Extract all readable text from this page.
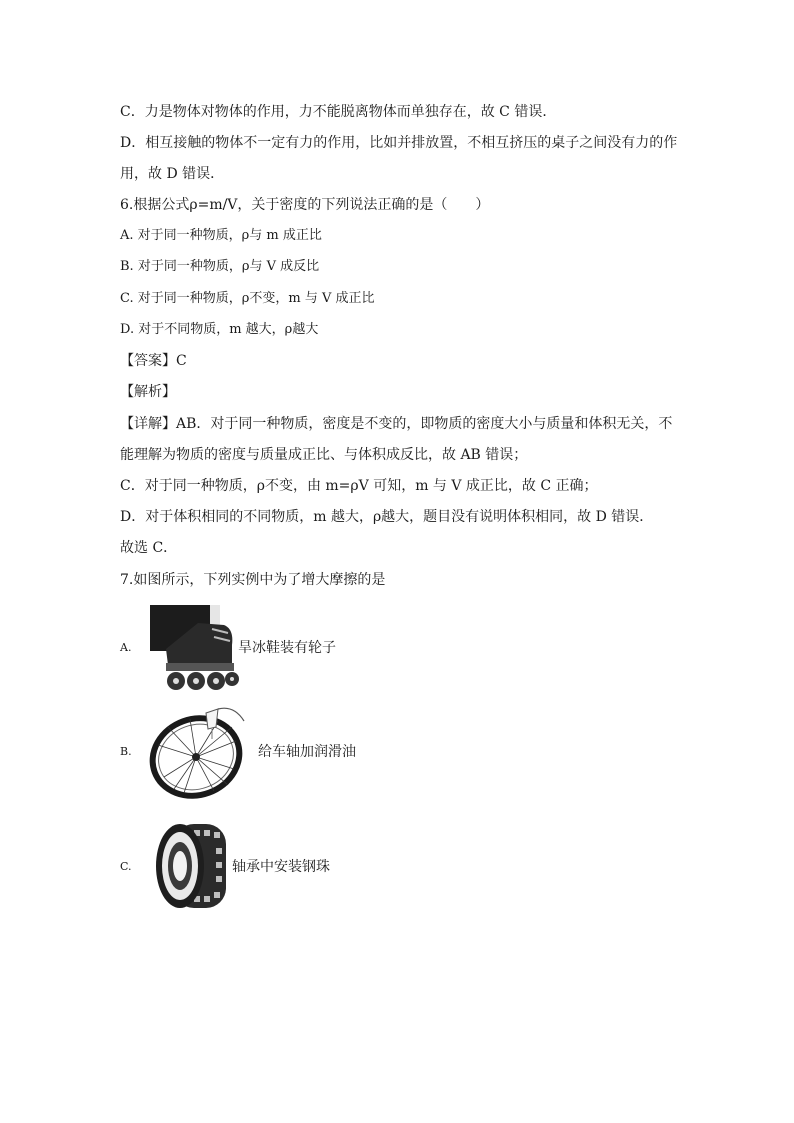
C．力是物体对物体的作用，力不能脱离物体而单独存在，故 C 错误．
D．相互接触的物体不一定有力的作用，比如并排放置，不相互挤压的桌子之间没有力的作
用，故 D 错误．
6.根据公式ρ=m/V，关于密度的下列说法正确的是（　　）
A. 对于同一种物质，ρ与 m 成正比
B. 对于同一种物质，ρ与 V 成反比
C. 对于同一种物质，ρ不变，m 与 V 成正比
D. 对于不同物质，m 越大，ρ越大
【答案】C
【解析】
【详解】AB．对于同一种物质，密度是不变的，即物质的密度大小与质量和体积无关，不
能理解为物质的密度与质量成正比、与体积成反比，故 AB 错误；
C．对于同一种物质，ρ不变，由 m=ρV 可知，m 与 V 成正比，故 C 正确；
D．对于体积相同的不同物质，m 越大，ρ越大，题目没有说明体积相同，故 D 错误．
故选 C．
7.如图所示，下列实例中为了增大摩擦的是
A.	旱冰鞋装有轮子
B.	给车轴加润滑油
C.	轴承中安装钢珠
